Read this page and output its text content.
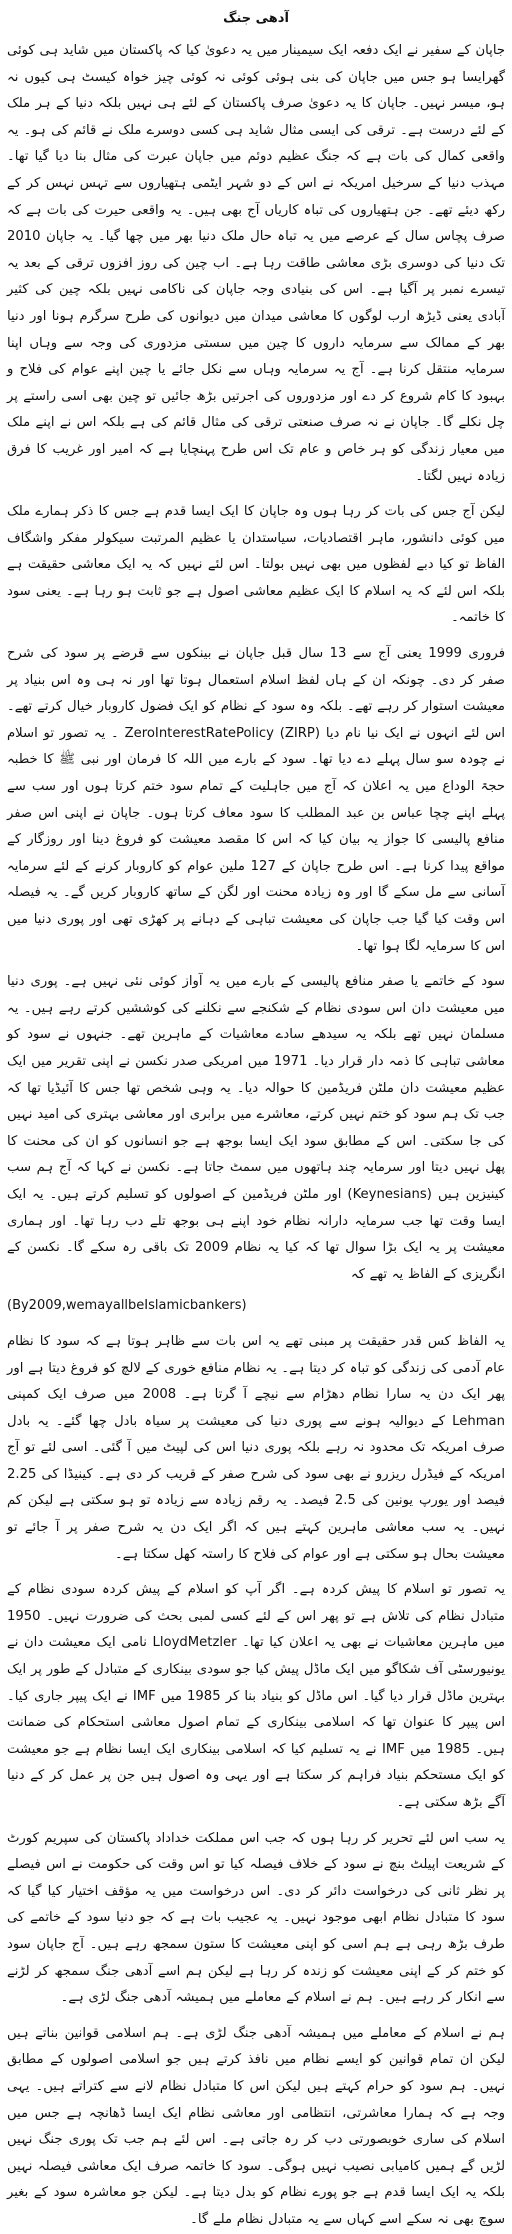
آدھی جنگ

جاپان کے سفیر نے ایک دفعہ ایک سیمینار میں یہ دعویٰ کیا کہ پاکستان میں شاید ہی کوئی گھرایسا ہو جس میں جاپان کی بنی ہوئی کوئی نہ کوئی چیز خواہ کیسٹ ہی کیوں نہ ہو، میسر نہیں۔ جاپان کا یہ دعویٰ صرف پاکستان کے لئے ہی نہیں بلکہ دنیا کے ہر ملک کے لئے درست ہے۔ ترقی کی ایسی مثال شاید ہی کسی دوسرے ملک نے قائم کی ہو۔ یہ واقعی کمال کی بات ہے کہ جنگ عظیم دوئم میں جاپان عبرت کی مثال بنا دیا گیا تھا۔ مہذب دنیا کے سرخیل امریکہ نے اس کے دو شہر ایٹمی ہتھیاروں سے تہس نہس کر کے رکھ دیئے تھے۔ جن ہتھیاروں کی تباہ کاریاں آج بھی ہیں۔ یہ واقعی حیرت کی بات ہے کہ صرف پچاس سال کے عرصے میں یہ تباہ حال ملک دنیا بھر میں چھا گیا۔ یہ جاپان 2010 تک دنیا کی دوسری بڑی معاشی طاقت رہا ہے۔ اب چین کی روز افزوں ترقی کے بعد یہ تیسرے نمبر پر آگیا ہے۔ اس کی بنیادی وجہ جاپان کی ناکامی نہیں بلکہ چین کی کثیر آبادی یعنی ڈیڑھ ارب لوگوں کا معاشی میدان میں دیوانوں کی طرح سرگرم ہونا اور دنیا بھر کے ممالک سے سرمایہ داروں کا چین میں سستی مزدوری کی وجہ سے وہاں اپنا سرمایہ منتقل کرنا ہے۔ آج یہ سرمایہ وہاں سے نکل جائے یا چین اپنے عوام کی فلاح و بہبود کا کام شروع کر دے اور مزدوروں کی اجرتیں بڑھ جائیں تو چین بھی اسی راستے پر چل نکلے گا۔ جاپان نے نہ صرف صنعتی ترقی کی مثال قائم کی ہے بلکہ اس نے اپنے ملک میں معیار زندگی کو ہر خاص و عام تک اس طرح پہنچایا ہے کہ امیر اور غریب کا فرق زیادہ نہیں لگتا۔

لیکن آج جس کی بات کر رہا ہوں وہ جاپان کا ایک ایسا قدم ہے جس کا ذکر ہمارے ملک میں کوئی دانشور، ماہر اقتصادیات، سیاستدان یا عظیم المرتبت سیکولر مفکر واشگاف الفاظ تو کیا دبے لفظوں میں بھی نہیں بولتا۔ اس لئے نہیں کہ یہ ایک معاشی حقیقت ہے بلکہ اس لئے کہ یہ اسلام کا ایک عظیم معاشی اصول ہے جو ثابت ہو رہا ہے۔ یعنی سود کا خاتمہ۔

فروری 1999 یعنی آج سے 13 سال قبل جاپان نے بینکوں سے قرضے پر سود کی شرح صفر کر دی۔ چونکہ ان کے ہاں لفظ اسلام استعمال ہوتا تھا اور نہ ہی وہ اس بنیاد پر معیشت استوار کر رہے تھے۔ بلکہ وہ سود کے نظام کو ایک فضول کاروبار خیال کرتے تھے۔ اس لئے انہوں نے ایک نیا نام دیا ZeroInterestRatePolicy (ZIRP) ۔ یہ تصور تو اسلام نے چودہ سو سال پہلے دے دیا تھا۔ سود کے بارے میں اللہ کا فرمان اور نبی ﷺ کا خطبہ حجۃ الوداع میں یہ اعلان کہ آج میں جاہلیت کے تمام سود ختم کرتا ہوں اور سب سے پہلے اپنے چچا عباس بن عبد المطلب کا سود معاف کرتا ہوں۔ جاپان نے اپنی اس صفر منافع پالیسی کا جواز یہ بیان کیا کہ اس کا مقصد معیشت کو فروغ دینا اور روزگار کے مواقع پیدا کرنا ہے۔ اس طرح جاپان کے 127 ملین عوام کو کاروبار کرنے کے لئے سرمایہ آسانی سے مل سکے گا اور وہ زیادہ محنت اور لگن کے ساتھ کاروبار کریں گے۔ یہ فیصلہ اس وقت کیا گیا جب جاپان کی معیشت تباہی کے دہانے پر کھڑی تھی اور پوری دنیا میں اس کا سرمایہ لگا ہوا تھا۔

سود کے خاتمے یا صفر منافع پالیسی کے بارے میں یہ آواز کوئی نئی نہیں ہے۔ پوری دنیا میں معیشت دان اس سودی نظام کے شکنجے سے نکلنے کی کوششیں کرتے رہے ہیں۔ یہ مسلمان نہیں تھے بلکہ یہ سیدھے سادے معاشیات کے ماہرین تھے۔ جنہوں نے سود کو معاشی تباہی کا ذمہ دار قرار دیا۔ 1971 میں امریکی صدر نکسن نے اپنی تقریر میں ایک عظیم معیشت دان ملٹن فریڈمین کا حوالہ دیا۔ یہ وہی شخص تھا جس کا آئیڈیا تھا کہ جب تک ہم سود کو ختم نہیں کرتے، معاشرے میں برابری اور معاشی بہتری کی امید نہیں کی جا سکتی۔ اس کے مطابق سود ایک ایسا بوجھ ہے جو انسانوں کو ان کی محنت کا پھل نہیں دیتا اور سرمایہ چند ہاتھوں میں سمٹ جاتا ہے۔ نکسن نے کہا کہ آج ہم سب کینیزین ہیں (Keynesians) اور ملٹن فریڈمین کے اصولوں کو تسلیم کرتے ہیں۔ یہ ایک ایسا وقت تھا جب سرمایہ دارانہ نظام خود اپنے ہی بوجھ تلے دب رہا تھا۔ اور ہماری معیشت پر یہ ایک بڑا سوال تھا کہ کیا یہ نظام 2009 تک باقی رہ سکے گا۔ نکسن کے انگریزی کے الفاظ یہ تھے کہ

(By2009,wemayallbeIslamicbankers)

یہ الفاظ کس قدر حقیقت پر مبنی تھے یہ اس بات سے ظاہر ہوتا ہے کہ سود کا نظام عام آدمی کی زندگی کو تباہ کر دیتا ہے۔ یہ نظام منافع خوری کے لالچ کو فروغ دیتا ہے اور پھر ایک دن یہ سارا نظام دھڑام سے نیچے آ گرتا ہے۔ 2008 میں صرف ایک کمپنی Lehman کے دیوالیہ ہونے سے پوری دنیا کی معیشت پر سیاہ بادل چھا گئے۔ یہ بادل صرف امریکہ تک محدود نہ رہے بلکہ پوری دنیا اس کی لپیٹ میں آ گئی۔ اسی لئے تو آج امریکہ کے فیڈرل ریزرو نے بھی سود کی شرح صفر کے قریب کر دی ہے۔ کینیڈا کی 2.25 فیصد اور یورپ یونین کی 2.5 فیصد۔ یہ رقم زیادہ سے زیادہ تو ہو سکتی ہے لیکن کم نہیں۔ یہ سب معاشی ماہرین کہتے ہیں کہ اگر ایک دن یہ شرح صفر پر آ جائے تو معیشت بحال ہو سکتی ہے اور عوام کی فلاح کا راستہ کھل سکتا ہے۔

یہ تصور تو اسلام کا پیش کردہ ہے۔ اگر آپ کو اسلام کے پیش کردہ سودی نظام کے متبادل نظام کی تلاش ہے تو پھر اس کے لئے کسی لمبی بحث کی ضرورت نہیں۔ 1950 میں ماہرین معاشیات نے بھی یہ اعلان کیا تھا۔ LloydMetzler نامی ایک معیشت دان نے یونیورسٹی آف شکاگو میں ایک ماڈل پیش کیا جو سودی بینکاری کے متبادل کے طور پر ایک بہترین ماڈل قرار دیا گیا۔ اس ماڈل کو بنیاد بنا کر 1985 میں IMF نے ایک پیپر جاری کیا۔ اس پیپر کا عنوان تھا کہ اسلامی بینکاری کے تمام اصول معاشی استحکام کی ضمانت ہیں۔ 1985 میں IMF نے یہ تسلیم کیا کہ اسلامی بینکاری ایک ایسا نظام ہے جو معیشت کو ایک مستحکم بنیاد فراہم کر سکتا ہے اور یہی وہ اصول ہیں جن پر عمل کر کے دنیا آگے بڑھ سکتی ہے۔

یہ سب اس لئے تحریر کر رہا ہوں کہ جب اس مملکت خداداد پاکستان کی سپریم کورٹ کے شریعت اپیلٹ بنچ نے سود کے خلاف فیصلہ کیا تو اس وقت کی حکومت نے اس فیصلے پر نظر ثانی کی درخواست دائر کر دی۔ اس درخواست میں یہ مؤقف اختیار کیا گیا کہ سود کا متبادل نظام ابھی موجود نہیں۔ یہ عجیب بات ہے کہ جو دنیا سود کے خاتمے کی طرف بڑھ رہی ہے ہم اسی کو اپنی معیشت کا ستون سمجھ رہے ہیں۔ آج جاپان سود کو ختم کر کے اپنی معیشت کو زندہ کر رہا ہے لیکن ہم اسے آدھی جنگ سمجھ کر لڑنے سے انکار کر رہے ہیں۔ ہم نے اسلام کے معاملے میں ہمیشہ آدھی جنگ لڑی ہے۔

ہم نے اسلام کے معاملے میں ہمیشہ آدھی جنگ لڑی ہے۔ ہم اسلامی قوانین بناتے ہیں لیکن ان تمام قوانین کو ایسے نظام میں نافذ کرتے ہیں جو اسلامی اصولوں کے مطابق نہیں۔ ہم سود کو حرام کہتے ہیں لیکن اس کا متبادل نظام لانے سے کتراتے ہیں۔ یہی وجہ ہے کہ ہمارا معاشرتی، انتظامی اور معاشی نظام ایک ایسا ڈھانچہ ہے جس میں اسلام کی ساری خوبصورتی دب کر رہ جاتی ہے۔ اس لئے ہم جب تک پوری جنگ نہیں لڑیں گے ہمیں کامیابی نصیب نہیں ہوگی۔ سود کا خاتمہ صرف ایک معاشی فیصلہ نہیں بلکہ یہ ایک ایسا قدم ہے جو پورے نظام کو بدل دیتا ہے۔ لیکن جو معاشرہ سود کے بغیر سوچ بھی نہ سکے اسے کہاں سے یہ متبادل نظام ملے گا۔
